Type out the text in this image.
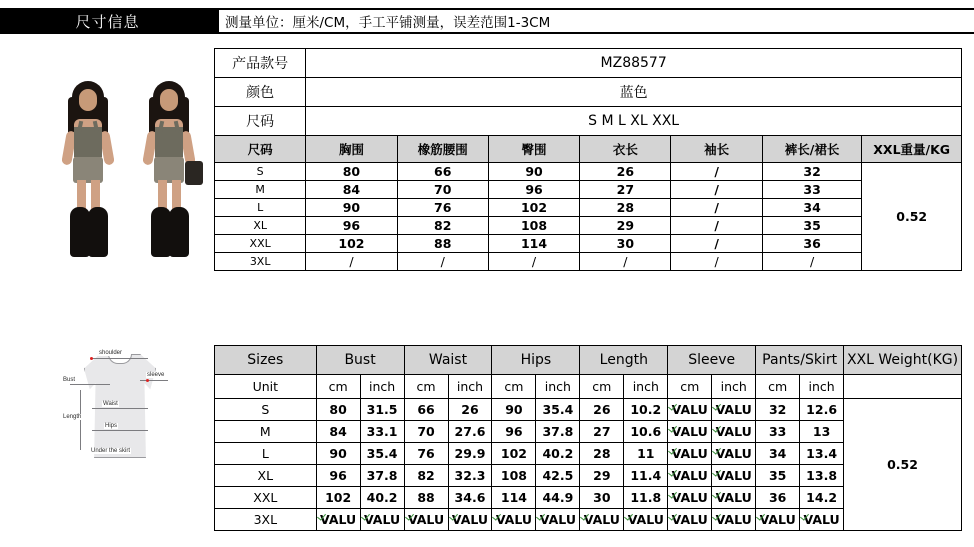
尺寸信息	测量单位：厘米/CM，手工平铺测量，误差范围1-3CM
产品款号	MZ88577						
颜色	蓝色						
尺码	S M L XL XXL						
尺码	胸围	橡筋腰围	臀围	衣长	袖长	裤长/裙长	XXL重量/KG
S	80	66	90	26	/	32	0.52
M	84	70	96	27	/	33	
L	90	76	102	28	/	34	
XL	96	82	108	29	/	35	
XXL	102	88	114	30	/	36	
3XL	/	/	/	/	/	/	
shoulder
sleeve
Bust
Length
Waist
Hips
Under the skirt
Sizes	Bust		Waist		Hips		Length		Sleeve		Pants/Skirt		XXL Weight(KG)
Unit	cm	inch	cm	inch	cm	inch	cm	inch	cm	inch	cm	inch	
S	80	31.5	66	26	90	35.4	26	10.2	VALU	VALU	32	12.6	0.52
M	84	33.1	70	27.6	96	37.8	27	10.6	VALU	VALU	33	13	
L	90	35.4	76	29.9	102	40.2	28	11	VALU	VALU	34	13.4	
XL	96	37.8	82	32.3	108	42.5	29	11.4	VALU	VALU	35	13.8	
XXL	102	40.2	88	34.6	114	44.9	30	11.8	VALU	VALU	36	14.2	
3XL	VALU	VALU	VALU	VALU	VALU	VALU	VALU	VALU	VALU	VALU	VALU	VALU	
